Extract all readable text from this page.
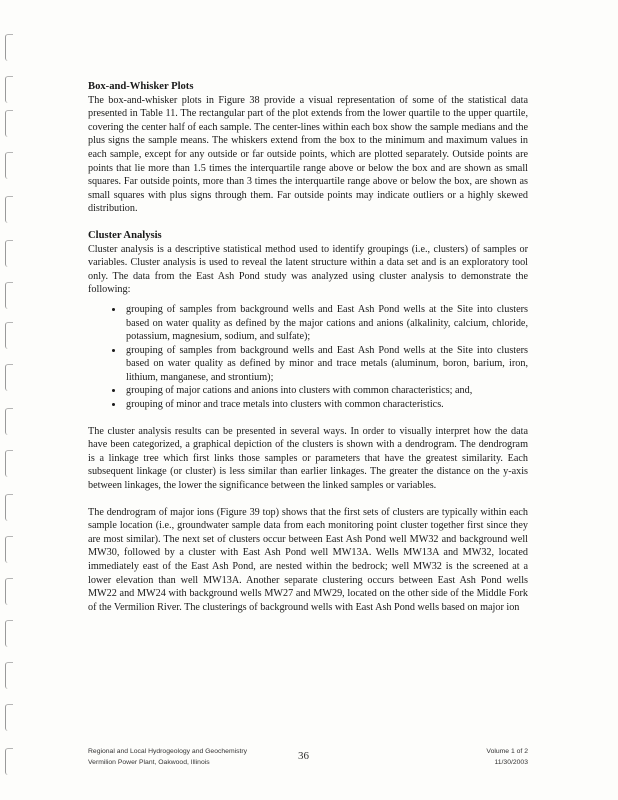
Box-and-Whisker Plots

The box-and-whisker plots in Figure 38 provide a visual representation of some of the statistical data presented in Table 11. The rectangular part of the plot extends from the lower quartile to the upper quartile, covering the center half of each sample. The center-lines within each box show the sample medians and the plus signs the sample means. The whiskers extend from the box to the minimum and maximum values in each sample, except for any outside or far outside points, which are plotted separately. Outside points are points that lie more than 1.5 times the interquartile range above or below the box and are shown as small squares. Far outside points, more than 3 times the interquartile range above or below the box, are shown as small squares with plus signs through them. Far outside points may indicate outliers or a highly skewed distribution.

Cluster Analysis

Cluster analysis is a descriptive statistical method used to identify groupings (i.e., clusters) of samples or variables. Cluster analysis is used to reveal the latent structure within a data set and is an exploratory tool only. The data from the East Ash Pond study was analyzed using cluster analysis to demonstrate the following:

• grouping of samples from background wells and East Ash Pond wells at the Site into clusters based on water quality as defined by the major cations and anions (alkalinity, calcium, chloride, potassium, magnesium, sodium, and sulfate);
• grouping of samples from background wells and East Ash Pond wells at the Site into clusters based on water quality as defined by minor and trace metals (aluminum, boron, barium, iron, lithium, manganese, and strontium);
• grouping of major cations and anions into clusters with common characteristics; and,
• grouping of minor and trace metals into clusters with common characteristics.

The cluster analysis results can be presented in several ways. In order to visually interpret how the data have been categorized, a graphical depiction of the clusters is shown with a dendrogram. The dendrogram is a linkage tree which first links those samples or parameters that have the greatest similarity. Each subsequent linkage (or cluster) is less similar than earlier linkages. The greater the distance on the y-axis between linkages, the lower the significance between the linked samples or variables.

The dendrogram of major ions (Figure 39 top) shows that the first sets of clusters are typically within each sample location (i.e., groundwater sample data from each monitoring point cluster together first since they are most similar). The next set of clusters occur between East Ash Pond well MW32 and background well MW30, followed by a cluster with East Ash Pond well MW13A. Wells MW13A and MW32, located immediately east of the East Ash Pond, are nested within the bedrock; well MW32 is the screened at a lower elevation than well MW13A. Another separate clustering occurs between East Ash Pond wells MW22 and MW24 with background wells MW27 and MW29, located on the other side of the Middle Fork of the Vermilion River. The clusterings of background wells with East Ash Pond wells based on major ion

Regional and Local Hydrogeology and Geochemistry
Vermilion Power Plant, Oakwood, Illinois
36	Volume 1 of 2
11/30/2003
